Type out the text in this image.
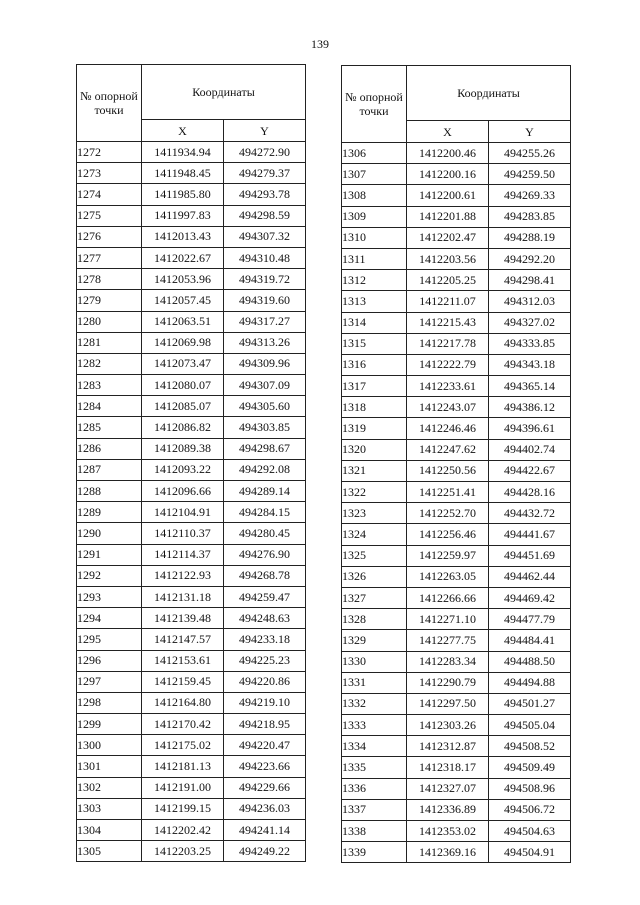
139
№ опорной точки	Координаты	
	X	Y
1272	1411934.94	494272.90
1273	1411948.45	494279.37
1274	1411985.80	494293.78
1275	1411997.83	494298.59
1276	1412013.43	494307.32
1277	1412022.67	494310.48
1278	1412053.96	494319.72
1279	1412057.45	494319.60
1280	1412063.51	494317.27
1281	1412069.98	494313.26
1282	1412073.47	494309.96
1283	1412080.07	494307.09
1284	1412085.07	494305.60
1285	1412086.82	494303.85
1286	1412089.38	494298.67
1287	1412093.22	494292.08
1288	1412096.66	494289.14
1289	1412104.91	494284.15
1290	1412110.37	494280.45
1291	1412114.37	494276.90
1292	1412122.93	494268.78
1293	1412131.18	494259.47
1294	1412139.48	494248.63
1295	1412147.57	494233.18
1296	1412153.61	494225.23
1297	1412159.45	494220.86
1298	1412164.80	494219.10
1299	1412170.42	494218.95
1300	1412175.02	494220.47
1301	1412181.13	494223.66
1302	1412191.00	494229.66
1303	1412199.15	494236.03
1304	1412202.42	494241.14
1305	1412203.25	494249.22
№ опорной точки	Координаты	
	X	Y
1306	1412200.46	494255.26
1307	1412200.16	494259.50
1308	1412200.61	494269.33
1309	1412201.88	494283.85
1310	1412202.47	494288.19
1311	1412203.56	494292.20
1312	1412205.25	494298.41
1313	1412211.07	494312.03
1314	1412215.43	494327.02
1315	1412217.78	494333.85
1316	1412222.79	494343.18
1317	1412233.61	494365.14
1318	1412243.07	494386.12
1319	1412246.46	494396.61
1320	1412247.62	494402.74
1321	1412250.56	494422.67
1322	1412251.41	494428.16
1323	1412252.70	494432.72
1324	1412256.46	494441.67
1325	1412259.97	494451.69
1326	1412263.05	494462.44
1327	1412266.66	494469.42
1328	1412271.10	494477.79
1329	1412277.75	494484.41
1330	1412283.34	494488.50
1331	1412290.79	494494.88
1332	1412297.50	494501.27
1333	1412303.26	494505.04
1334	1412312.87	494508.52
1335	1412318.17	494509.49
1336	1412327.07	494508.96
1337	1412336.89	494506.72
1338	1412353.02	494504.63
1339	1412369.16	494504.91
